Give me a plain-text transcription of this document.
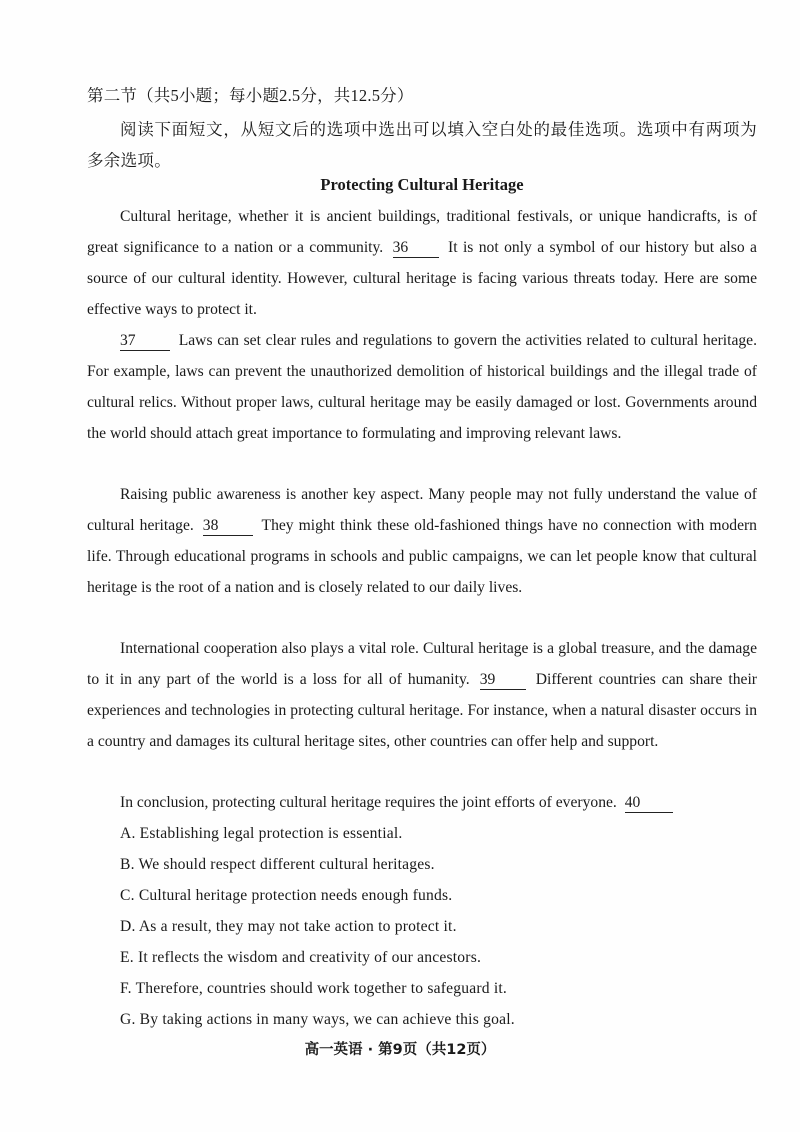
第二节（共5小题；每小题2.5分，共12.5分）
阅读下面短文，从短文后的选项中选出可以填入空白处的最佳选项。选项中有两项为多余选项。
Protecting Cultural Heritage

Cultural heritage, whether it is ancient buildings, traditional festivals, or unique handicrafts, is of great significance to a nation or a community. 36	It is not only a symbol of our history but also a source of our cultural identity. However, cultural heritage is facing various threats today. Here are some effective ways to protect it.

37	Laws can set clear rules and regulations to govern the activities related to cultural heritage. For example, laws can prevent the unauthorized demolition of historical buildings and the illegal trade of cultural relics. Without proper laws, cultural heritage may be easily damaged or lost. Governments around the world should attach great importance to formulating and improving relevant laws.

Raising public awareness is another key aspect. Many people may not fully understand the value of cultural heritage. 38	They might think these old-fashioned things have no connection with modern life. Through educational programs in schools and public campaigns, we can let people know that cultural heritage is the root of a nation and is closely related to our daily lives.

International cooperation also plays a vital role. Cultural heritage is a global treasure, and the damage to it in any part of the world is a loss for all of humanity. 39	Different countries can share their experiences and technologies in protecting cultural heritage. For instance, when a natural disaster occurs in a country and damages its cultural heritage sites, other countries can offer help and support.

In conclusion, protecting cultural heritage requires the joint efforts of everyone. 40

A. Establishing legal protection is essential.
B. We should respect different cultural heritages.
C. Cultural heritage protection needs enough funds.
D. As a result, they may not take action to protect it.
E. It reflects the wisdom and creativity of our ancestors.
F. Therefore, countries should work together to safeguard it.
G. By taking actions in many ways, we can achieve this goal.
高一英语 · 第9页（共12页）
